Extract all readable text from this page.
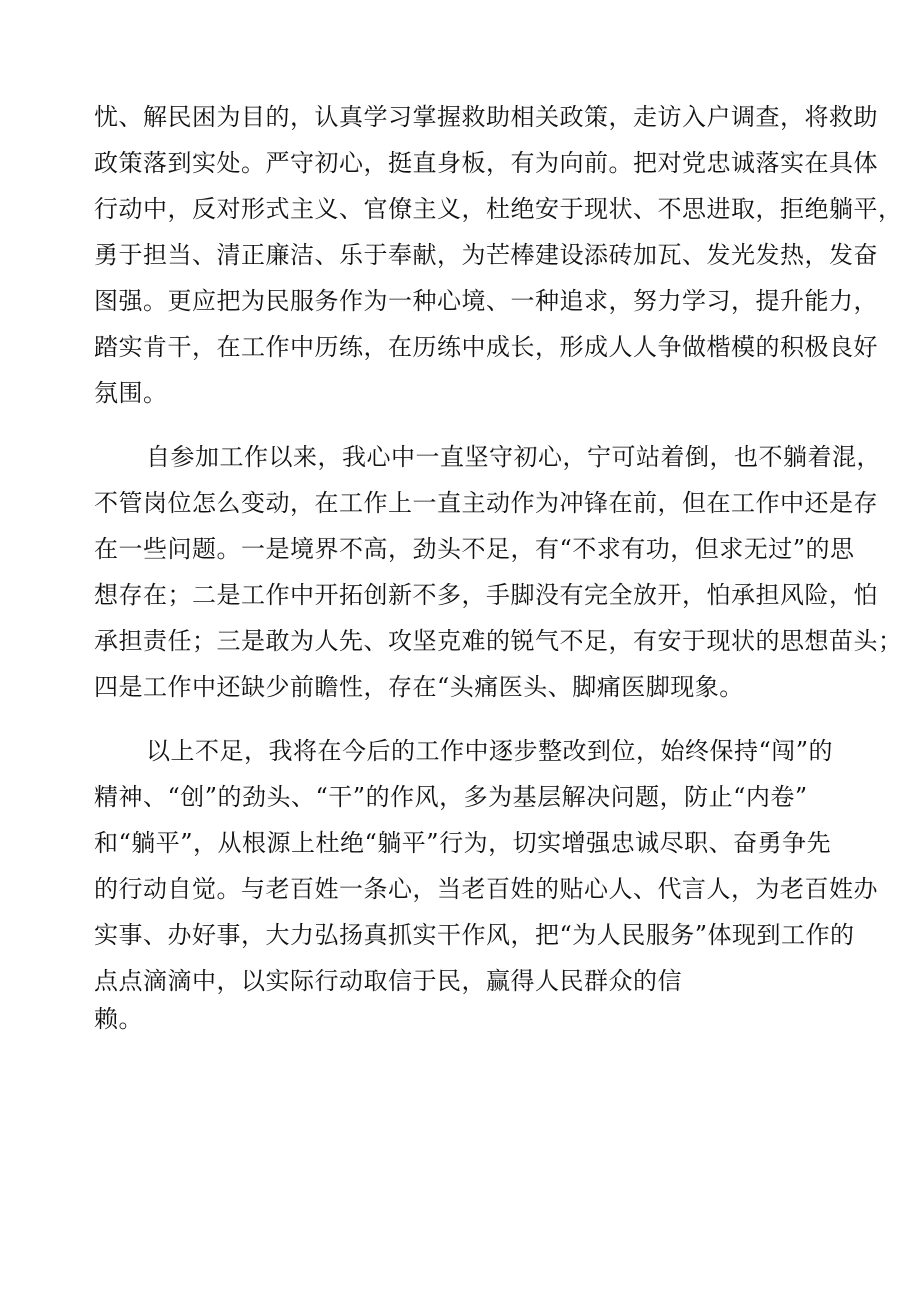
忧、解民困为目的，认真学习掌握救助相关政策，走访入户调查，将救助
政策落到实处。严守初心，挺直身板，有为向前。把对党忠诚落实在具体
行动中，反对形式主义、官僚主义，杜绝安于现状、不思进取，拒绝躺平，
勇于担当、清正廉洁、乐于奉献，为芒棒建设添砖加瓦、发光发热，发奋
图强。更应把为民服务作为一种心境、一种追求，努力学习，提升能力，
踏实肯干，在工作中历练，在历练中成长，形成人人争做楷模的积极良好
氛围。
自参加工作以来，我心中一直坚守初心，宁可站着倒，也不躺着混，
不管岗位怎么变动，在工作上一直主动作为冲锋在前，但在工作中还是存
在一些问题。一是境界不高，劲头不足，有“不求有功，但求无过”的思
想存在；二是工作中开拓创新不多，手脚没有完全放开，怕承担风险，怕
承担责任；三是敢为人先、攻坚克难的锐气不足，有安于现状的思想苗头；
四是工作中还缺少前瞻性，存在“头痛医头、脚痛医脚现象。
以上不足，我将在今后的工作中逐步整改到位，始终保持“闯”的
精神、“创”的劲头、“干”的作风，多为基层解决问题，防止“内卷”
和“躺平”，从根源上杜绝“躺平”行为，切实增强忠诚尽职、奋勇争先
的行动自觉。与老百姓一条心，当老百姓的贴心人、代言人，为老百姓办
实事、办好事，大力弘扬真抓实干作风，把“为人民服务”体现到工作的
点点滴滴中，以实际行动取信于民，赢得人民群众的信
赖。
